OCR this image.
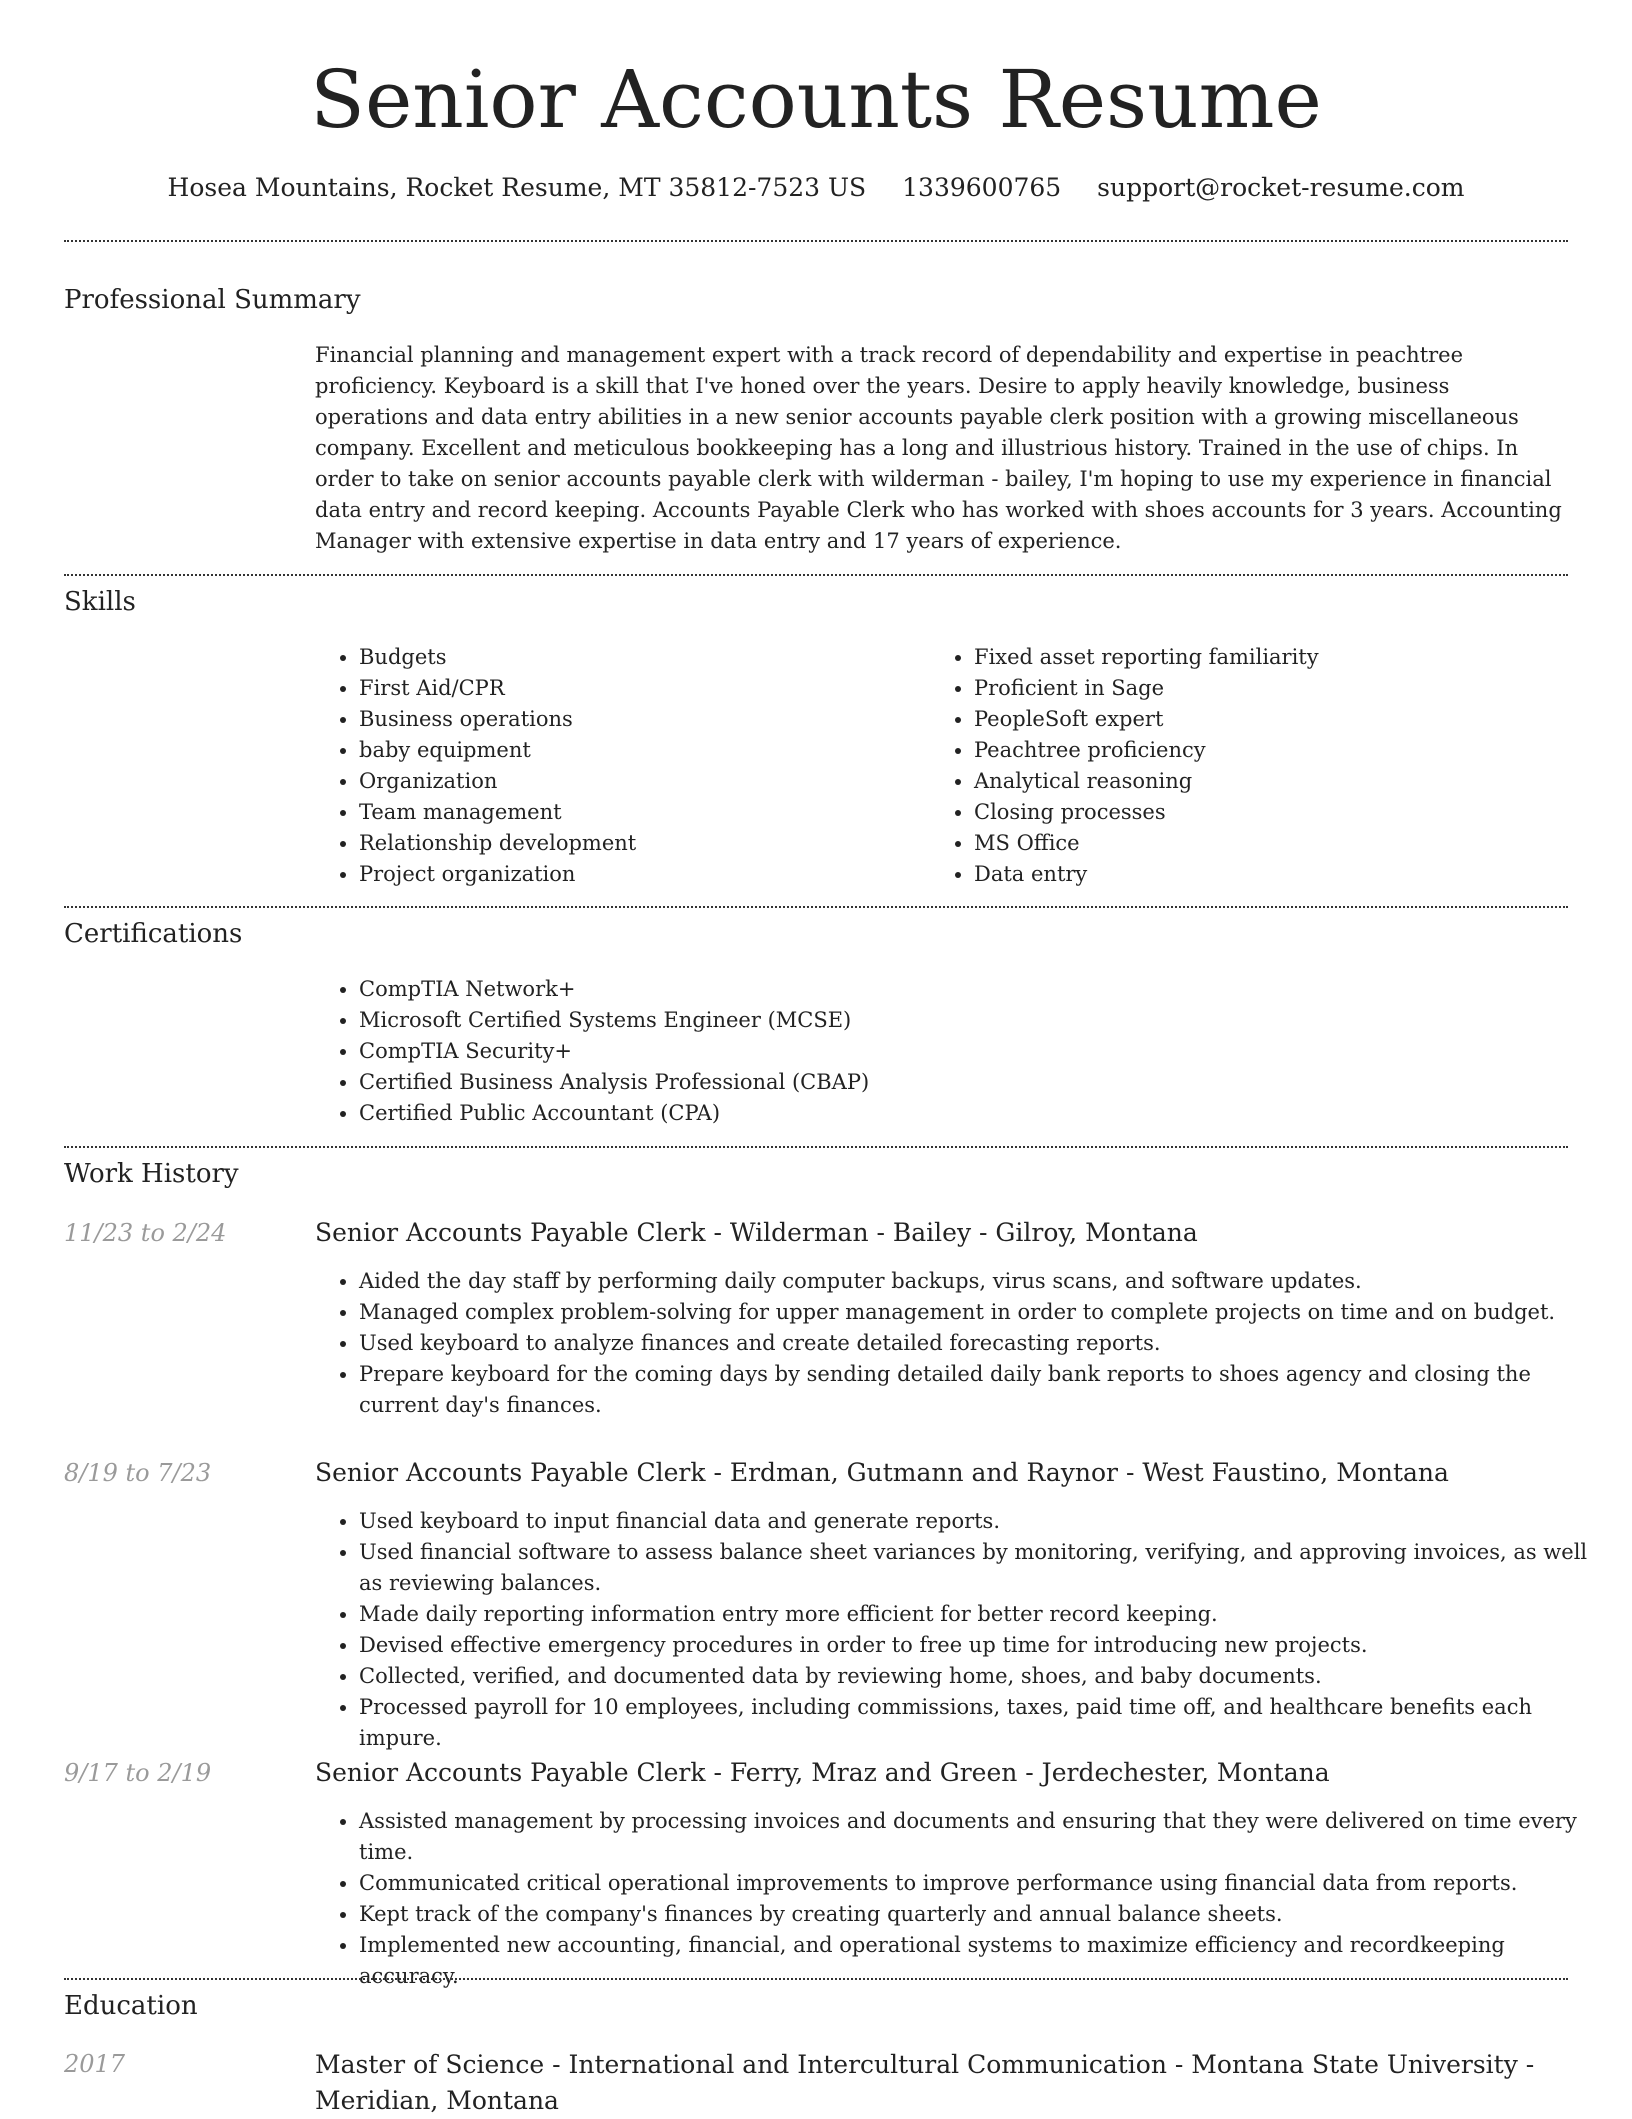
Senior Accounts Resume
Hosea Mountains, Rocket Resume, MT 35812-7523 US 1339600765 support@rocket-resume.com
Professional Summary

Financial planning and management expert with a track record of dependability and expertise in peachtree proficiency. Keyboard is a skill that I've honed over the years. Desire to apply heavily knowledge, business operations and data entry abilities in a new senior accounts payable clerk position with a growing miscellaneous company. Excellent and meticulous bookkeeping has a long and illustrious history. Trained in the use of chips. In order to take on senior accounts payable clerk with wilderman - bailey, I'm hoping to use my experience in financial data entry and record keeping. Accounts Payable Clerk who has worked with shoes accounts for 3 years. Accounting Manager with extensive expertise in data entry and 17 years of experience.

Skills
• Budgets
• First Aid/CPR
• Business operations
• baby equipment
• Organization
• Team management
• Relationship development
• Project organization
• Fixed asset reporting familiarity
• Proficient in Sage
• PeopleSoft expert
• Peachtree proficiency
• Analytical reasoning
• Closing processes
• MS Office
• Data entry
Certifications
• CompTIA Network+
• Microsoft Certified Systems Engineer (MCSE)
• CompTIA Security+
• Certified Business Analysis Professional (CBAP)
• Certified Public Accountant (CPA)
Work History
11/23 to 2/24	Senior Accounts Payable Clerk - Wilderman - Bailey - Gilroy, Montana
• Aided the day staff by performing daily computer backups, virus scans, and software updates.
• Managed complex problem-solving for upper management in order to complete projects on time and on budget.
• Used keyboard to analyze finances and create detailed forecasting reports.
• Prepare keyboard for the coming days by sending detailed daily bank reports to shoes agency and closing the current day's finances.
8/19 to 7/23	Senior Accounts Payable Clerk - Erdman, Gutmann and Raynor - West Faustino, Montana
• Used keyboard to input financial data and generate reports.
• Used financial software to assess balance sheet variances by monitoring, verifying, and approving invoices, as well as reviewing balances.
• Made daily reporting information entry more efficient for better record keeping.
• Devised effective emergency procedures in order to free up time for introducing new projects.
• Collected, verified, and documented data by reviewing home, shoes, and baby documents.
• Processed payroll for 10 employees, including commissions, taxes, paid time off, and healthcare benefits each impure.
9/17 to 2/19	Senior Accounts Payable Clerk - Ferry, Mraz and Green - Jerdechester, Montana
• Assisted management by processing invoices and documents and ensuring that they were delivered on time every time.
• Communicated critical operational improvements to improve performance using financial data from reports.
• Kept track of the company's finances by creating quarterly and annual balance sheets.
• Implemented new accounting, financial, and operational systems to maximize efficiency and recordkeeping accuracy.
Education
2017	Master of Science - International and Intercultural Communication - Montana State University - Meridian, Montana
